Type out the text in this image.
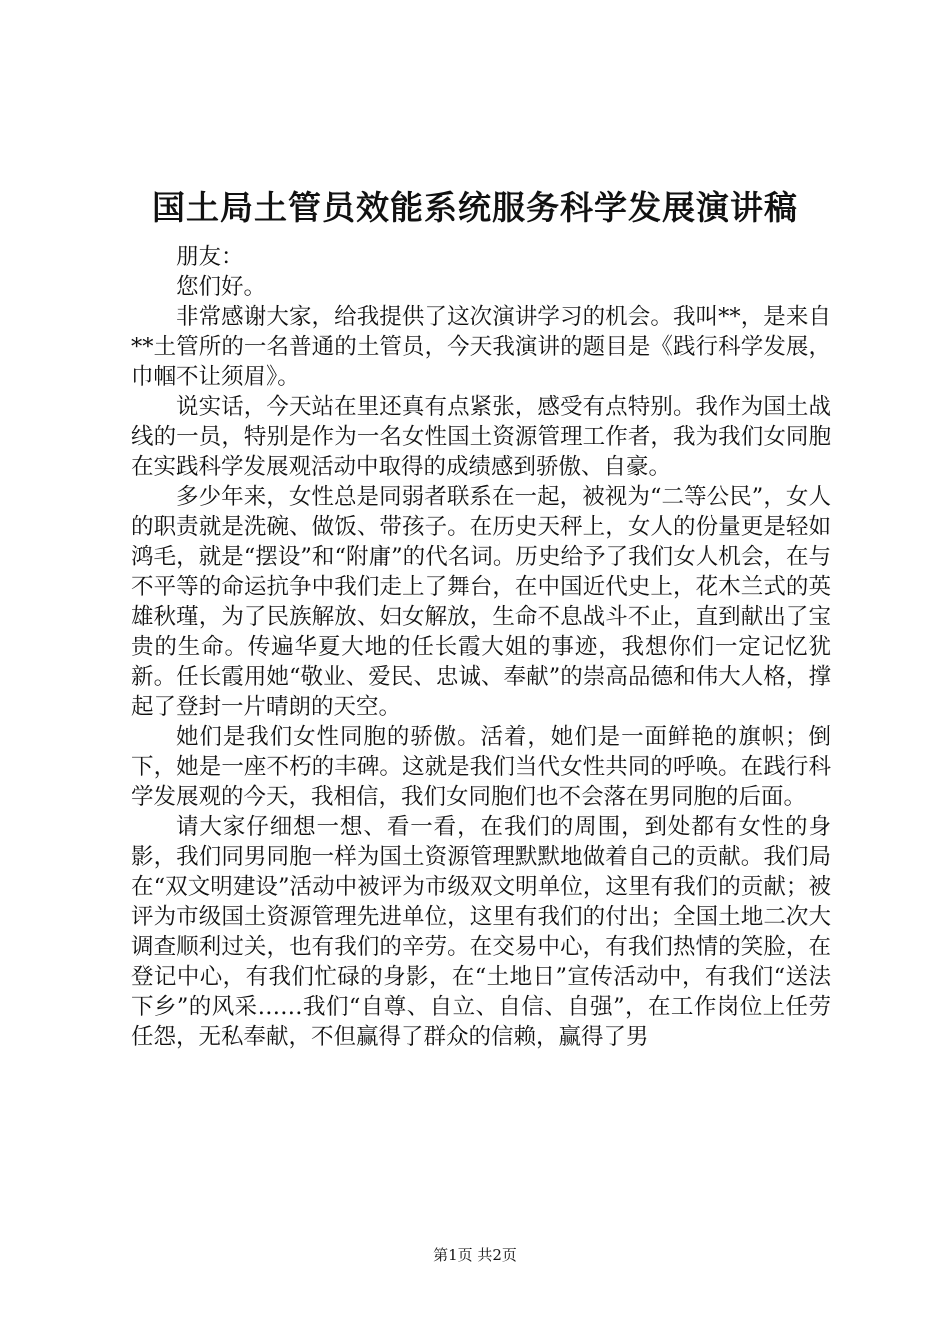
国土局土管员效能系统服务科学发展演讲稿

朋友：

您们好。

非常感谢大家，给我提供了这次演讲学习的机会。我叫**，是来自**土管所的一名普通的土管员，今天我演讲的题目是《践行科学发展，巾帼不让须眉》。

说实话，今天站在里还真有点紧张，感受有点特别。我作为国土战线的一员，特别是作为一名女性国土资源管理工作者，我为我们女同胞在实践科学发展观活动中取得的成绩感到骄傲、自豪。

多少年来，女性总是同弱者联系在一起，被视为“二等公民”，女人的职责就是洗碗、做饭、带孩子。在历史天秤上，女人的份量更是轻如鸿毛，就是“摆设”和“附庸”的代名词。历史给予了我们女人机会，在与不平等的命运抗争中我们走上了舞台，在中国近代史上，花木兰式的英雄秋瑾，为了民族解放、妇女解放，生命不息战斗不止，直到献出了宝贵的生命。传遍华夏大地的任长霞大姐的事迹，我想你们一定记忆犹新。任长霞用她“敬业、爱民、忠诚、奉献”的崇高品德和伟大人格，撑起了登封一片晴朗的天空。

她们是我们女性同胞的骄傲。活着，她们是一面鲜艳的旗帜；倒下，她是一座不朽的丰碑。这就是我们当代女性共同的呼唤。在践行科学发展观的今天，我相信，我们女同胞们也不会落在男同胞的后面。

请大家仔细想一想、看一看，在我们的周围，到处都有女性的身影，我们同男同胞一样为国土资源管理默默地做着自己的贡献。我们局在“双文明建设”活动中被评为市级双文明单位，这里有我们的贡献；被评为市级国土资源管理先进单位，这里有我们的付出；全国土地二次大调查顺利过关，也有我们的辛劳。在交易中心，有我们热情的笑脸，在登记中心，有我们忙碌的身影，在“土地日”宣传活动中，有我们“送法下乡”的风采……我们“自尊、自立、自信、自强”，在工作岗位上任劳任怨，无私奉献，不但赢得了群众的信赖，赢得了男

第1页 共2页
